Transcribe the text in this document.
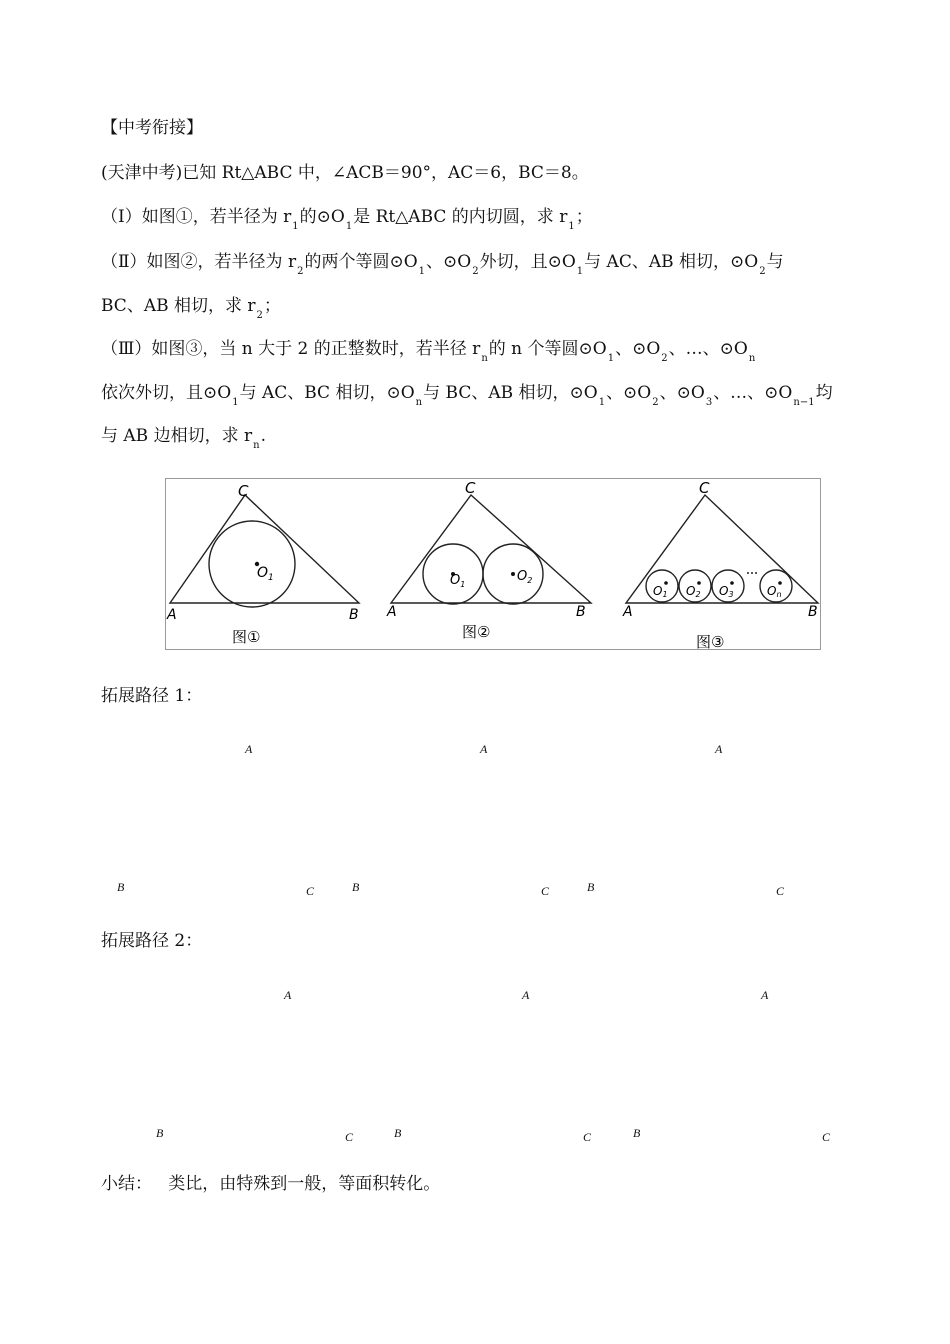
【中考衔接】
(天津中考)已知 Rt△ABC 中，∠ACB＝90°，AC＝6，BC＝8。
（Ⅰ）如图①，若半径为 $r_1$的$⊙O_1$是 Rt△ABC 的内切圆，求 $r_1$；
（Ⅱ）如图②，若半径为 $r_2$的两个等圆$⊙O_1$、$⊙O_2$外切，且$⊙O_1$与 AC、AB 相切，$⊙O_2$与
BC、AB 相切，求 $r_2$；
（Ⅲ）如图③，当 n 大于 2 的正整数时，若半径 $r_n$的 n 个等圆$⊙O_1$、$⊙O_2$、…、$⊙O_n$
依次外切，且$⊙O_1$与 AC、BC 相切，$⊙O_n$与 BC、AB 相切，$⊙O_1$、$⊙O_2$、$⊙O_3$、…、$⊙O_{n-1}$均
与 AB 边相切，求 $r_n$.
C
A	B
$O_1$
图①
C
A	B
$O_1$
$O_2$
图②
C
A	B
O1 O2 O3	On
图③
拓展路径 1：
A	A	A
B	C	B	C	B	C
拓展路径 2：
A	A	A
B	C	B	C	B	C
小结：   类比，由特殊到一般，等面积转化。
